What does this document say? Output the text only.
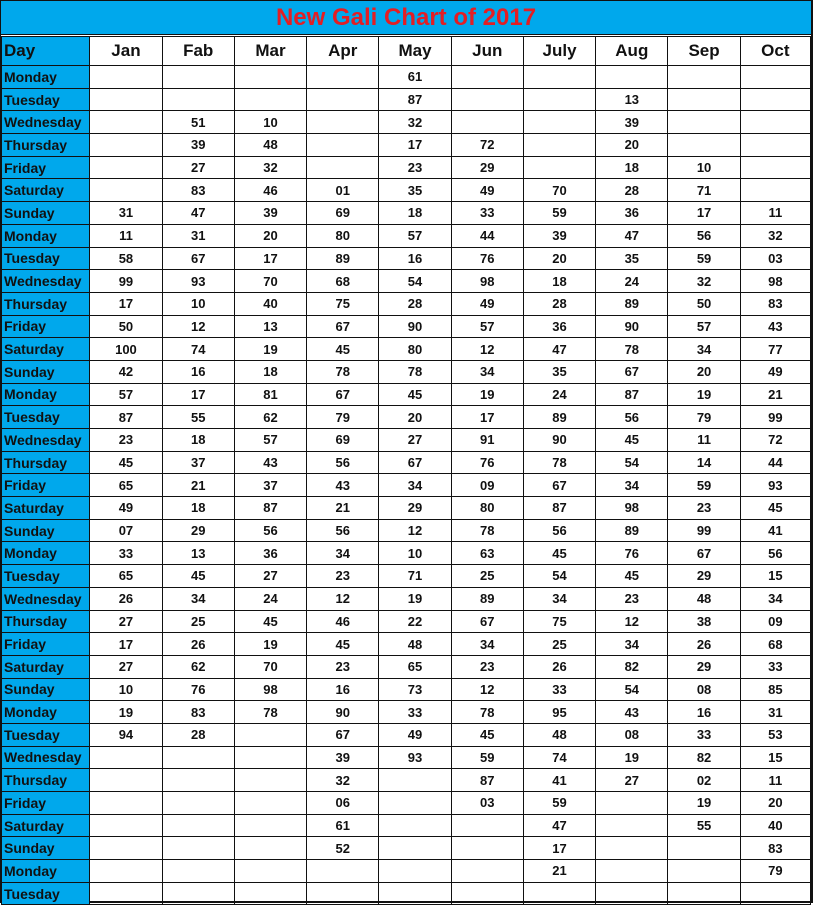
New Gali Chart of 2017
Day	Jan	Fab	Mar	Apr	May	Jun	July	Aug	Sep	Oct
Monday					61					
Tuesday					87			13		
Wednesday		51	10		32			39		
Thursday		39	48		17	72		20		
Friday		27	32		23	29		18	10	
Saturday		83	46	01	35	49	70	28	71	
Sunday	31	47	39	69	18	33	59	36	17	11
Monday	11	31	20	80	57	44	39	47	56	32
Tuesday	58	67	17	89	16	76	20	35	59	03
Wednesday	99	93	70	68	54	98	18	24	32	98
Thursday	17	10	40	75	28	49	28	89	50	83
Friday	50	12	13	67	90	57	36	90	57	43
Saturday	100	74	19	45	80	12	47	78	34	77
Sunday	42	16	18	78	78	34	35	67	20	49
Monday	57	17	81	67	45	19	24	87	19	21
Tuesday	87	55	62	79	20	17	89	56	79	99
Wednesday	23	18	57	69	27	91	90	45	11	72
Thursday	45	37	43	56	67	76	78	54	14	44
Friday	65	21	37	43	34	09	67	34	59	93
Saturday	49	18	87	21	29	80	87	98	23	45
Sunday	07	29	56	56	12	78	56	89	99	41
Monday	33	13	36	34	10	63	45	76	67	56
Tuesday	65	45	27	23	71	25	54	45	29	15
Wednesday	26	34	24	12	19	89	34	23	48	34
Thursday	27	25	45	46	22	67	75	12	38	09
Friday	17	26	19	45	48	34	25	34	26	68
Saturday	27	62	70	23	65	23	26	82	29	33
Sunday	10	76	98	16	73	12	33	54	08	85
Monday	19	83	78	90	33	78	95	43	16	31
Tuesday	94	28		67	49	45	48	08	33	53
Wednesday				39	93	59	74	19	82	15
Thursday				32		87	41	27	02	11
Friday				06		03	59		19	20
Saturday				61			47		55	40
Sunday				52			17			83
Monday							21			79
Tuesday										
